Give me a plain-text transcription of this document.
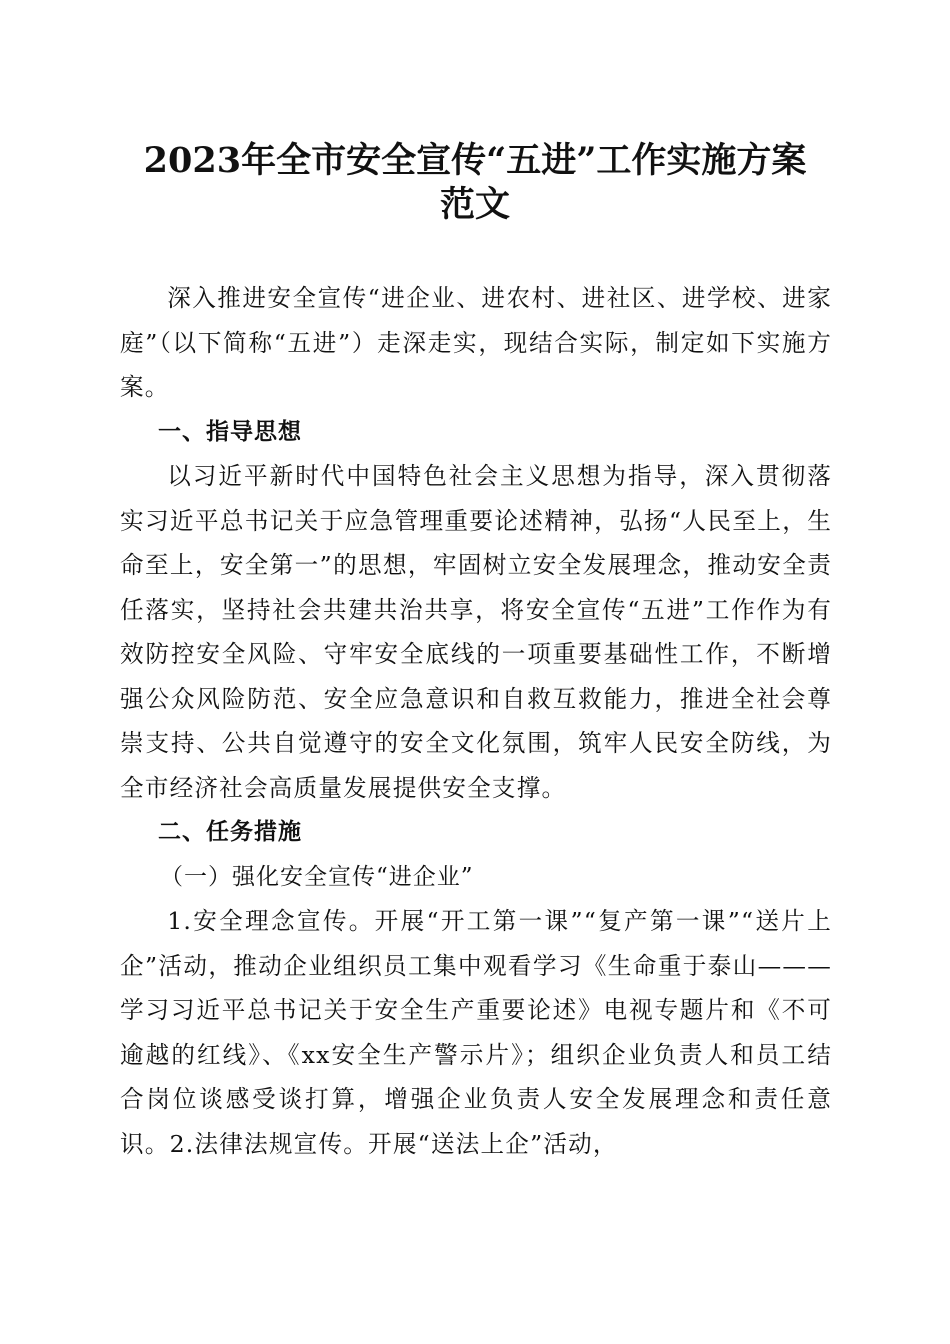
2023年全市安全宣传“五进”工作实施方案
范文

深入推进安全宣传“进企业、进农村、进社区、进学校、进家庭”（以下简称“五进”）走深走实，现结合实际，制定如下实施方案。

一、指导思想

以习近平新时代中国特色社会主义思想为指导，深入贯彻落实习近平总书记关于应急管理重要论述精神，弘扬“人民至上，生命至上，安全第一”的思想，牢固树立安全发展理念，推动安全责任落实，坚持社会共建共治共享，将安全宣传“五进”工作作为有效防控安全风险、守牢安全底线的一项重要基础性工作，不断增强公众风险防范、安全应急意识和自救互救能力，推进全社会尊崇支持、公共自觉遵守的安全文化氛围，筑牢人民安全防线，为全市经济社会高质量发展提供安全支撑。

二、任务措施

（一）强化安全宣传“进企业”

1.安全理念宣传。开展“开工第一课”“复产第一课”“送片上企”活动，推动企业组织员工集中观看学习《生命重于泰山———学习习近平总书记关于安全生产重要论述》电视专题片和《不可逾越的红线》、《xx安全生产警示片》；组织企业负责人和员工结合岗位谈感受谈打算，增强企业负责人安全发展理念和责任意识。2.法律法规宣传。开展“送法上企”活动，
